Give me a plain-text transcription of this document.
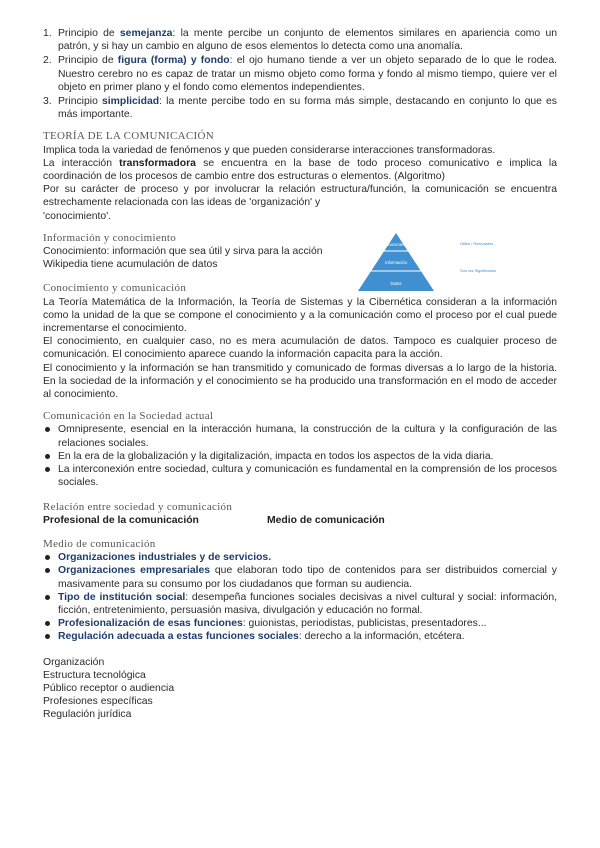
1. Principio de semejanza: la mente percibe un conjunto de elementos similares en apariencia como un patrón, y si hay un cambio en alguno de esos elementos lo detecta como una anomalía.
2. Principio de figura (forma) y fondo: el ojo humano tiende a ver un objeto separado de lo que le rodea. Nuestro cerebro no es capaz de tratar un mismo objeto como forma y fondo al mismo tiempo, quiere ver el objeto en primer plano y el fondo como elementos independientes.
3. Principio simplicidad: la mente percibe todo en su forma más simple, destacando en conjunto lo que es más importante.

TEORÍA DE LA COMUNICACIÓN

Implica toda la variedad de fenómenos y que pueden considerarse interacciones transformadoras.

La interacción transformadora se encuentra en la base de todo proceso comunicativo e implica la coordinación de los procesos de cambio entre dos estructuras o elementos. (Algoritmo)

Por su carácter de proceso y por involucrar la relación estructura/función, la comunicación se encuentra estrechamente relacionada con las ideas de 'organización' y

'conocimiento'.

Información y conocimiento

Conocimiento: información que sea útil y sirva para la acción

Wikipedia tiene acumulación de datos

Conocimiento y comunicación

La Teoría Matemática de la Información, la Teoría de Sistemas y la Cibernética consideran a la información como la unidad de la que se compone el conocimiento y a la comunicación como el proceso por el cual puede incrementarse el conocimiento.

El conocimiento, en cualquier caso, no es mera acumulación de datos. Tampoco es cualquier proceso de comunicación. El conocimiento aparece cuando la información capacita para la acción.

El conocimiento y la información se han transmitido y comunicado de formas diversas a lo largo de la historia. En la sociedad de la información y el conocimiento se ha producido una transformación en el modo de acceder al conocimiento.

Comunicación en la Sociedad actual

Omnipresente, esencial en la interacción humana, la construcción de la cultura y la configuración de las relaciones sociales.
En la era de la globalización y la digitalización, impacta en todos los aspectos de la vida diaria.
La interconexión entre sociedad, cultura y comunicación es fundamental en la comprensión de los procesos sociales.

Relación entre sociedad y comunicación

Profesional de la comunicación	Medio de comunicación

Medio de comunicación

Organizaciones industriales y de servicios.
Organizaciones empresariales que elaboran todo tipo de contenidos para ser distribuidos comercial y masivamente para su consumo por los ciudadanos que forman su audiencia.
Tipo de institución social: desempeña funciones sociales decisivas a nivel cultural y social: información, ficción, entretenimiento, persuasión masiva, divulgación y educación no formal.
Profesionalización de esas funciones: guionistas, periodistas, publicistas, presentadores...
Regulación adecuada a estas funciones sociales: derecho a la información, etcétera.

Organización

Estructura tecnológica

Público receptor o audiencia

Profesiones específicas

Regulación jurídica

Conocimiento
Información
Datos
Útiles / Relevantes
Son los Significados
